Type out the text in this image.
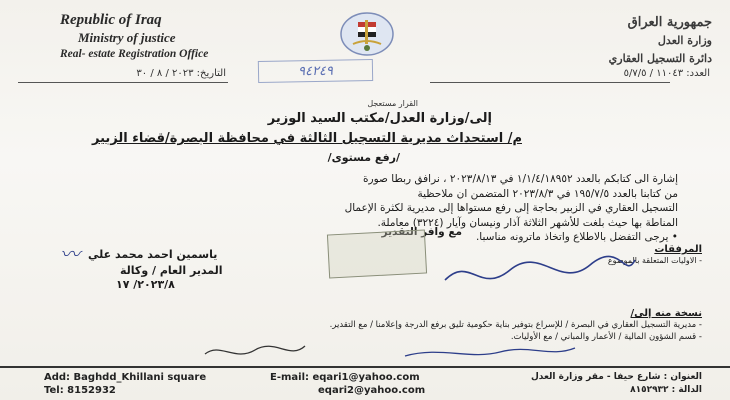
Republic of Iraq
Ministry of justice
Real- estate Registration Office
جمهورية العراق
وزارة العدل
دائرة التسجيل العقاري
التاريخ: ٢٠٢٣ / ٨ / ٣٠	٩٤٢٤٩	العدد: ١١٠٤٣ / ٥/٧/٥
القرار مستعجل
إلى/وزارة العدل/مكتب السيد الوزير
م/ استحداث مديرية التسجيل الثالثة في محافظة البصرة/قضاء الزبير
/رفع مستوى/

إشارة الى كتابكم بالعدد ١/١/٤/١٨٩٥٢ في ٢٠٢٣/٨/١٣ ، نرافق ربطا صورة

من كتابنا بالعدد ١٩٥/٧/٥ في ٢٠٢٣/٨/٣ المتضمن ان ملاحظية

التسجيل العقاري في الزبير بحاجة إلى رفع مستواها إلى مديرية لكثرة الإعمال

المناطة بها حيث بلغت للأشهر الثلاثة آذار ونيسان وآيار (٣٢٢٤) معاملة.

• يرجى التفضل بالاطلاع واتخاذ ماترونه مناسبا.

مع وافر التقدير
〰 ياسمين احمد محمد علي
المدير العام / وكالة
٢٠٢٣/٨/ ١٧
المرفقات
- الاوليات المتعلقة بالموضوع
نسخة منه إلى/
- مديرية التسجيل العقاري في البصرة / للإسراع بتوفير بناية حكومية تليق برفع الدرجة وإعلامنا / مع التقدير.
- قسم الشؤون المالية / الأعمار والمباني / مع الأوليات.
Add: Baghdd_Khillani square
Tel: 8152932
E-mail: eqari1@yahoo.com
eqari2@yahoo.com
العنوان : شارع حيفا - مقر وزارة العدل
الدالة : ٨١٥٢٩٣٢
